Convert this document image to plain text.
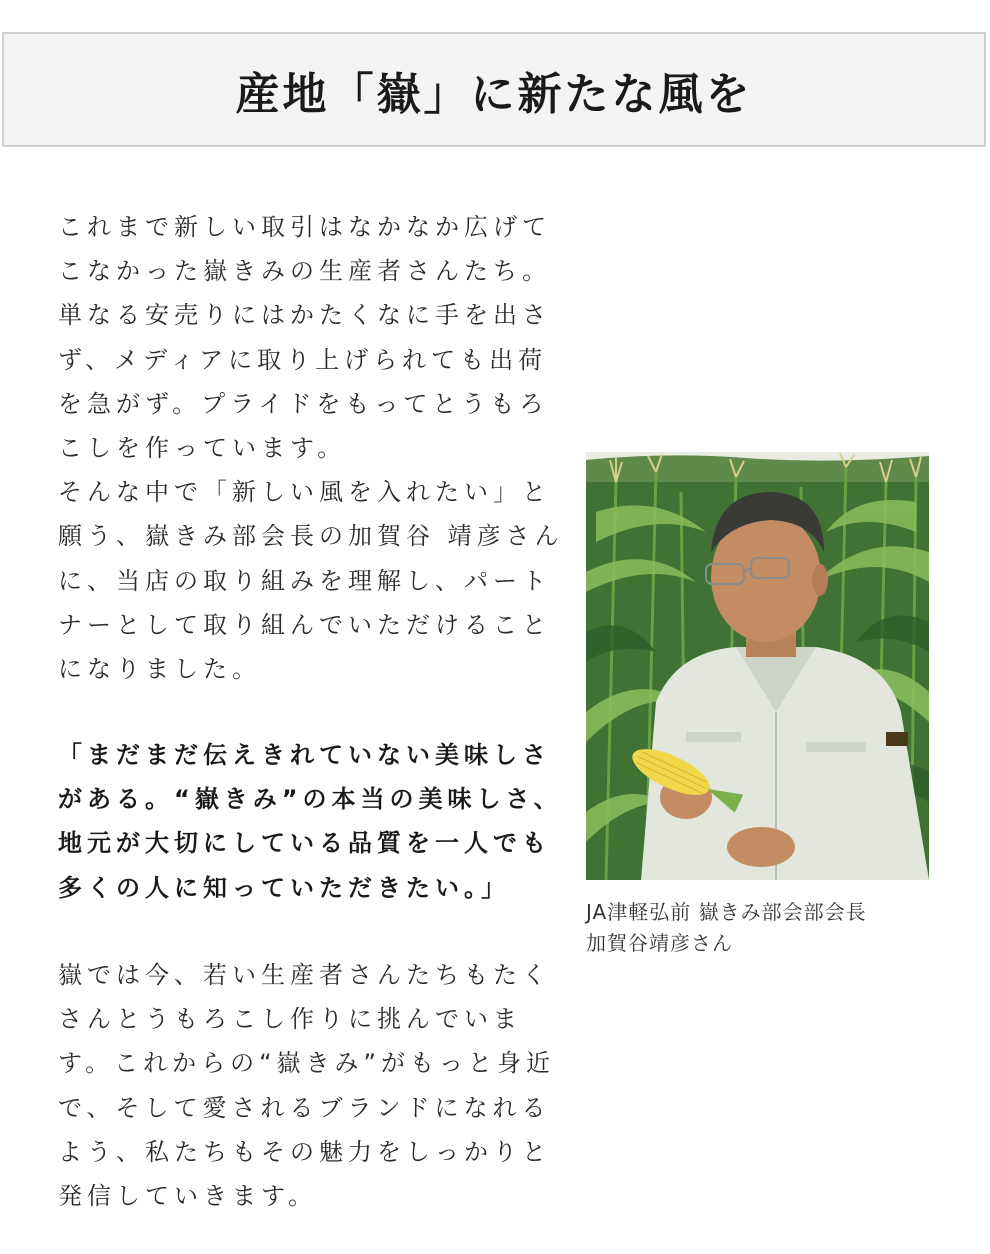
産地「嶽」に新たな風を
これまで新しい取引はなかなか広げて
こなかった嶽きみの生産者さんたち。
単なる安売りにはかたくなに手を出さ
ず、メディアに取り上げられても出荷
を急がず。プライドをもってとうもろ
こしを作っています。
そんな中で「新しい風を入れたい」と
願う、嶽きみ部会長の加賀谷 靖彦さん
に、当店の取り組みを理解し、パート
ナーとして取り組んでいただけること
になりました。
「まだまだ伝えきれていない美味しさ
がある。“嶽きみ”の本当の美味しさ、
地元が大切にしている品質を一人でも
多くの人に知っていただきたい。」
嶽では今、若い生産者さんたちもたく
さんとうもろこし作りに挑んでいま
す。これからの“嶽きみ”がもっと身近
で、そして愛されるブランドになれる
よう、私たちもその魅力をしっかりと
発信していきます。
JA津軽弘前 嶽きみ部会部会長
加賀谷靖彦さん
